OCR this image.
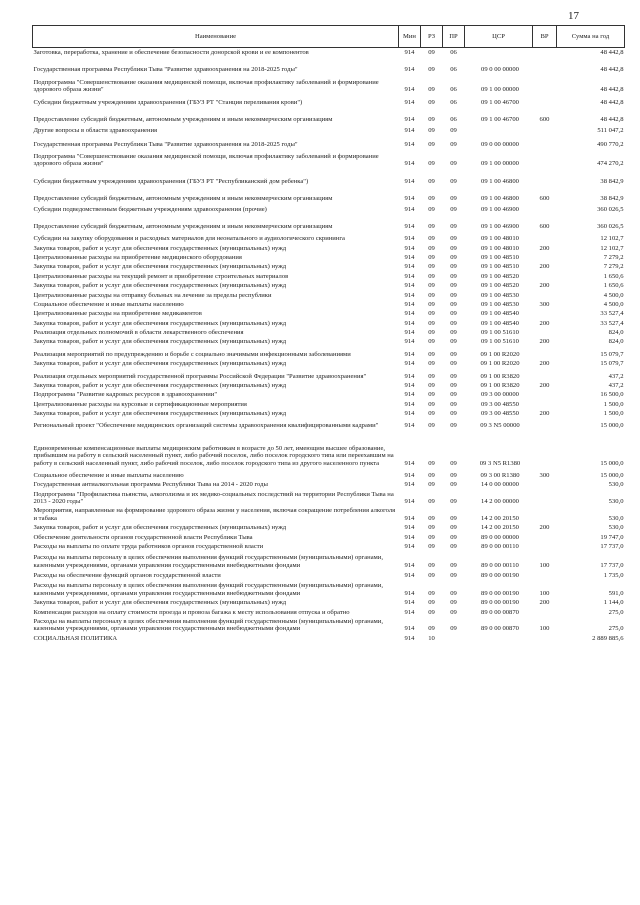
17
Наименование	Мин	РЗ	ПР	ЦСР	ВР	Сумма на год
Заготовка, переработка, хранение и обеспечение безопасности донорской крови и ее компонентов	914	09	06			48 442,8
Государственная программа Республики Тыва "Развитие здравоохранения на 2018-2025 годы"	914	09	06	09 0 00 00000		48 442,8
Подпрограмма "Совершенствование оказания медицинской помощи, включая профилактику заболеваний и формирование здорового образа жизни"	914	09	06	09 1 00 00000		48 442,8
Субсидии бюджетным учреждениям здравоохранения (ГБУЗ РТ "Станция переливания крови")	914	09	06	09 1 00 46700		48 442,8
Предоставление субсидий бюджетным, автономным учреждениям и иным некоммерческим организациям	914	09	06	09 1 00 46700	600	48 442,8
Другие вопросы в области здравоохранения	914	09	09			511 047,2
Государственная программа Республики Тыва "Развитие здравоохранения на 2018-2025 годы"	914	09	09	09 0 00 00000		490 770,2
Подпрограмма "Совершенствование оказания медицинской помощи, включая профилактику заболеваний и формирование здорового образа жизни"	914	09	09	09 1 00 00000		474 270,2
Субсидии бюджетным учреждениям здравоохранения (ГБУЗ РТ "Республиканский дом ребенка")	914	09	09	09 1 00 46800		38 842,9
Предоставление субсидий бюджетным, автономным учреждениям и иным некоммерческим организациям	914	09	09	09 1 00 46800	600	38 842,9
Субсидии подведомственным бюджетным учреждениям здравоохранения (прочие)	914	09	09	09 1 00 46900		360 026,5
Предоставление субсидий бюджетным, автономным учреждениям и иным некоммерческим организациям	914	09	09	09 1 00 46900	600	360 026,5
Субсидии на закупку оборудования и расходных материалов для неонатального и аудиологического скрининга	914	09	09	09 1 00 48010		12 102,7
Закупка товаров, работ и услуг для обеспечения государственных (муниципальных) нужд	914	09	09	09 1 00 48010	200	12 102,7
Централизованные расходы на приобретение медицинского оборудования	914	09	09	09 1 00 48510		7 279,2
Закупка товаров, работ и услуг для обеспечения государственных (муниципальных) нужд	914	09	09	09 1 00 48510	200	7 279,2
Централизованные расходы на текущий ремонт и приобретение строительных материалов	914	09	09	09 1 00 48520		1 650,6
Закупка товаров, работ и услуг для обеспечения государственных (муниципальных) нужд	914	09	09	09 1 00 48520	200	1 650,6
Централизованные расходы на отправку больных на лечение за пределы республики	914	09	09	09 1 00 48530		4 500,0
Социальное обеспечение и иные выплаты населению	914	09	09	09 1 00 48530	300	4 500,0
Централизованные расходы на приобретение медикаментов	914	09	09	09 1 00 48540		33 527,4
Закупка товаров, работ и услуг для обеспечения государственных (муниципальных) нужд	914	09	09	09 1 00 48540	200	33 527,4
Реализация отдельных полномочий в области лекарственного обеспечения	914	09	09	09 1 00 51610		824,0
Закупка товаров, работ и услуг для обеспечения государственных (муниципальных) нужд	914	09	09	09 1 00 51610	200	824,0
Реализация мероприятий по предупреждению и борьбе с социально значимыми инфекционными заболеваниями	914	09	09	09 1 00 R2020		15 079,7
Закупка товаров, работ и услуг для обеспечения государственных (муниципальных) нужд	914	09	09	09 1 00 R2020	200	15 079,7
Реализация отдельных мероприятий государственной программы Российской Федерации "Развитие здравоохранения"	914	09	09	09 1 00 R3820		437,2
Закупка товаров, работ и услуг для обеспечения государственных (муниципальных) нужд	914	09	09	09 1 00 R3820	200	437,2
Подпрограмма "Развитие кадровых ресурсов в здравоохранении"	914	09	09	09 3 00 00000		16 500,0
Централизованные расходы на курсовые и сертификационные мероприятия	914	09	09	09 3 00 48550		1 500,0
Закупка товаров, работ и услуг для обеспечения государственных (муниципальных) нужд	914	09	09	09 3 00 48550	200	1 500,0
Региональный проект "Обеспечение медицинских организаций системы здравоохранения квалифицированными кадрами"	914	09	09	09 3 N5 00000		15 000,0
Единовременные компенсационные выплаты медицинским работникам в возрасте до 50 лет, имеющим высшее образование, прибывшим на работу в сельский населенный пункт, либо рабочий поселок, либо поселок городского типа или переехавшим на работу в сельский населенный пункт, либо рабочий поселок, либо поселок городского типа из другого населенного пункта	914	09	09	09 3 N5 R1380		15 000,0
Социальное обеспечение и иные выплаты населению	914	09	09	09 3 00 R1380	300	15 000,0
Государственная антиалкогольная программа Республики Тыва на 2014 - 2020 годы	914	09	09	14 0 00 00000		530,0
Подпрограмма "Профилактика пьянства, алкоголизма и их медико-социальных последствий на территории Республики Тыва на 2013 - 2020 годы"	914	09	09	14 2 00 00000		530,0
Мероприятия, направленные на формирование здорового образа жизни у населения, включая сокращение потребления алкоголя и табака	914	09	09	14 2 00 20150		530,0
Закупка товаров, работ и услуг для обеспечения государственных (муниципальных) нужд	914	09	09	14 2 00 20150	200	530,0
Обеспечение деятельности органов государственной власти Республики Тыва	914	09	09	89 0 00 00000		19 747,0
Расходы на выплаты по оплате труда работников органов государственной власти	914	09	09	89 0 00 00110		17 737,0
Расходы на выплаты персоналу в целях обеспечения выполнения функций государственными (муниципальными) органами, казенными учреждениями, органами управления государственными внебюджетными фондами	914	09	09	89 0 00 00110	100	17 737,0
Расходы на обеспечение функций органов государственной власти	914	09	09	89 0 00 00190		1 735,0
Расходы на выплаты персоналу в целях обеспечения выполнения функций государственными (муниципальными) органами, казенными учреждениями, органами управления государственными внебюджетными фондами	914	09	09	89 0 00 00190	100	591,0
Закупка товаров, работ и услуг для обеспечения государственных (муниципальных) нужд	914	09	09	89 0 00 00190	200	1 144,0
Компенсация расходов на оплату стоимости проезда и провоза багажа к месту использования отпуска и обратно	914	09	09	89 0 00 00870		275,0
Расходы на выплаты персоналу в целях обеспечения выполнения функций государственными (муниципальными) органами, казенными учреждениями, органами управления государственными внебюджетными фондами	914	09	09	89 0 00 00870	100	275,0
СОЦИАЛЬНАЯ ПОЛИТИКА	914	10				2 889 885,6
